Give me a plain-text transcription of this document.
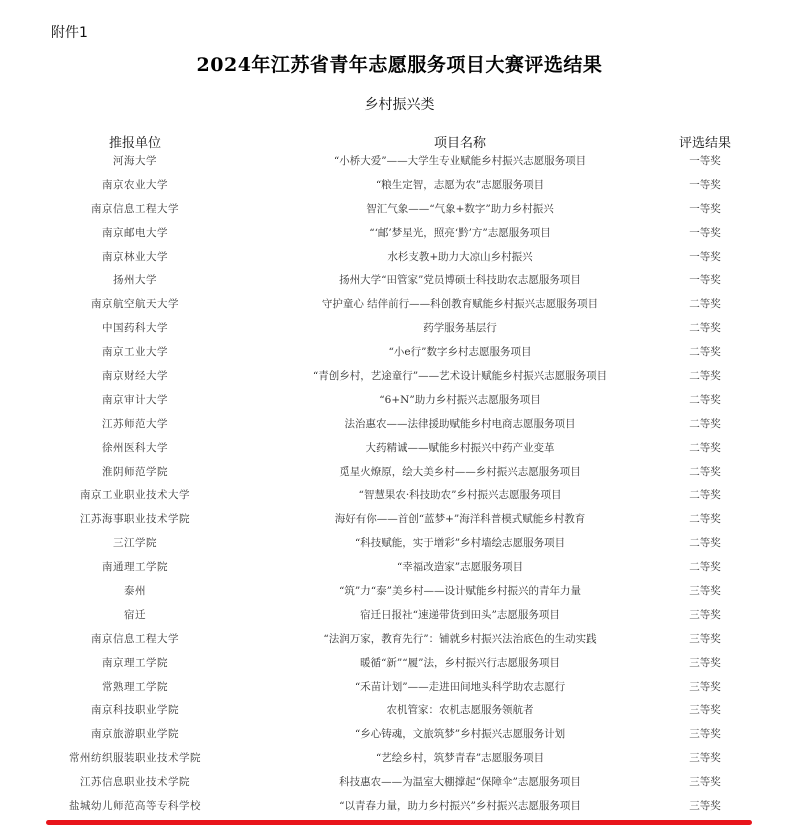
附件1
2024年江苏省青年志愿服务项目大赛评选结果
乡村振兴类
推报单位	项目名称	评选结果
河海大学	“小桥大爱”——大学生专业赋能乡村振兴志愿服务项目	一等奖
南京农业大学	“粮生定智，志愿为农”志愿服务项目	一等奖
南京信息工程大学	智汇气象——“气象+数字”助力乡村振兴	一等奖
南京邮电大学	“‘邮’梦星光，照亮‘黔’方”志愿服务项目	一等奖
南京林业大学	水杉支教+助力大凉山乡村振兴	一等奖
扬州大学	扬州大学“田管家”党员博硕士科技助农志愿服务项目	一等奖
南京航空航天大学	守护童心 结伴前行——科创教育赋能乡村振兴志愿服务项目	二等奖
中国药科大学	药学服务基层行	二等奖
南京工业大学	“小e行”数字乡村志愿服务项目	二等奖
南京财经大学	“青创乡村，艺途童行”——艺术设计赋能乡村振兴志愿服务项目	二等奖
南京审计大学	“6+N”助力乡村振兴志愿服务项目	二等奖
江苏师范大学	法治惠农——法律援助赋能乡村电商志愿服务项目	二等奖
徐州医科大学	大药精诚——赋能乡村振兴中药产业变革	二等奖
淮阴师范学院	觅星火燎原，绘大美乡村——乡村振兴志愿服务项目	二等奖
南京工业职业技术大学	“智慧果农·科技助农”乡村振兴志愿服务项目	二等奖
江苏海事职业技术学院	海好有你——首创“蓝梦+”海洋科普模式赋能乡村教育	二等奖
三江学院	“科技赋能，实于增彩”乡村墙绘志愿服务项目	二等奖
南通理工学院	“幸福改造家”志愿服务项目	二等奖
泰州	“筑”力“泰”美乡村——设计赋能乡村振兴的青年力量	三等奖
宿迁	宿迁日报社“速递带货到田头”志愿服务项目	三等奖
南京信息工程大学	“法润万家，教育先行”：铺就乡村振兴法治底色的生动实践	三等奖
南京理工学院	暖循“新”“履”法，乡村振兴行志愿服务项目	三等奖
常熟理工学院	“禾苗计划”——走进田间地头科学助农志愿行	三等奖
南京科技职业学院	农机管家：农机志愿服务领航者	三等奖
南京旅游职业学院	“乡心铸魂，文旅筑梦”乡村振兴志愿服务计划	三等奖
常州纺织服装职业技术学院	“艺绘乡村，筑梦青春”志愿服务项目	三等奖
江苏信息职业技术学院	科技惠农——为温室大棚撑起“保障伞”志愿服务项目	三等奖
盐城幼儿师范高等专科学校	“以青春力量，助力乡村振兴”乡村振兴志愿服务项目	三等奖
